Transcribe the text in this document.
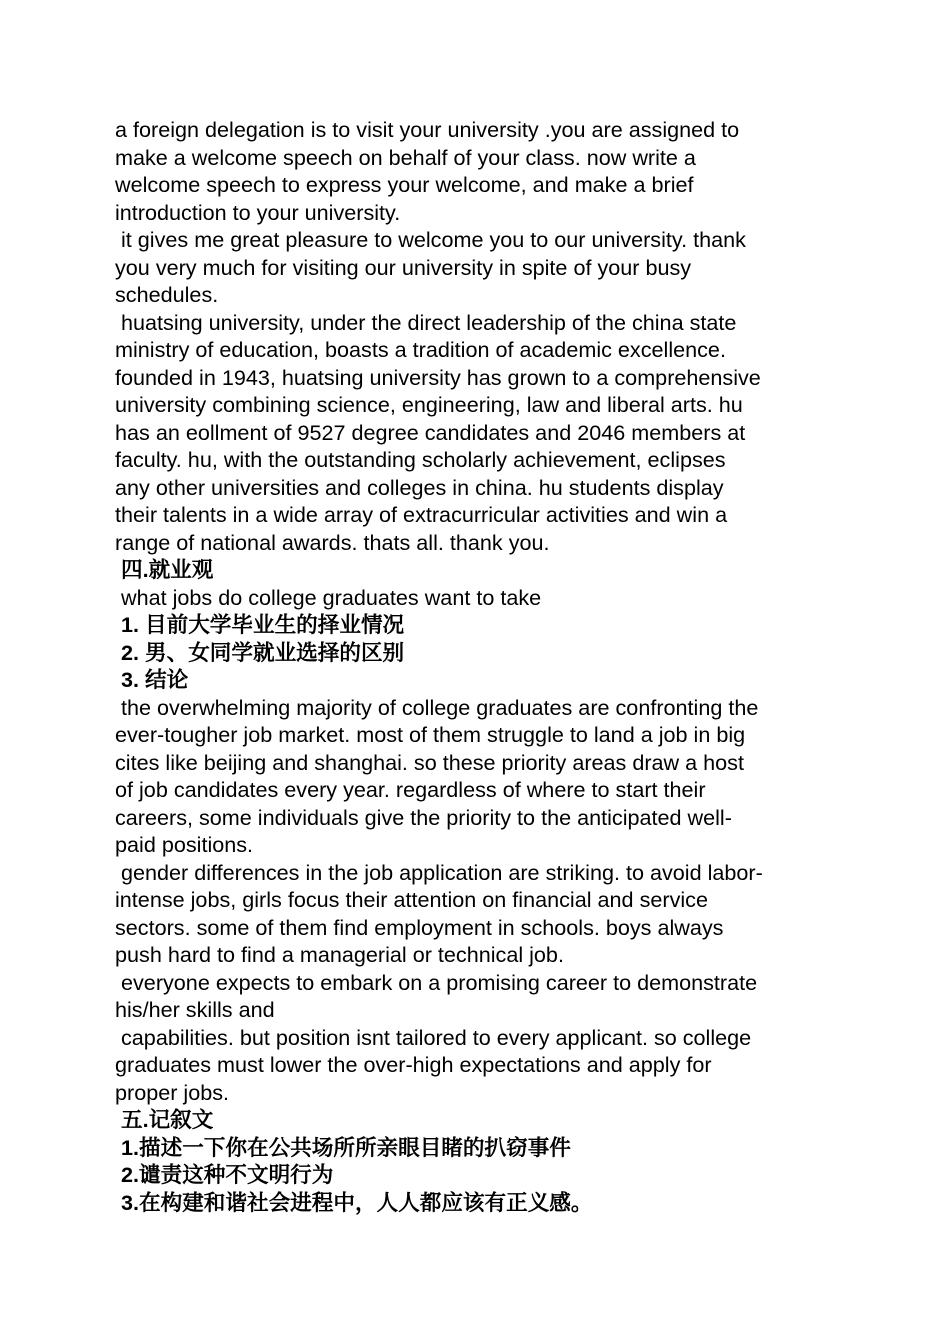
a foreign delegation is to visit your university .you are assigned to

make a welcome speech on behalf of your class. now write a

welcome speech to express your welcome, and make a brief

introduction to your university.

it gives me great pleasure to welcome you to our university. thank

you very much for visiting our university in spite of your busy

schedules.

huatsing university, under the direct leadership of the china state

ministry of education, boasts a tradition of academic excellence.

founded in 1943, huatsing university has grown to a comprehensive

university combining science, engineering, law and liberal arts. hu

has an eollment of 9527 degree candidates and 2046 members at

faculty. hu, with the outstanding scholarly achievement, eclipses

any other universities and colleges in china. hu students display

their talents in a wide array of extracurricular activities and win a

range of national awards. thats all. thank you.

四.就业观

what jobs do college graduates want to take

1. 目前大学毕业生的择业情况

2. 男、女同学就业选择的区别

3. 结论

the overwhelming majority of college graduates are confronting the

ever-tougher job market. most of them struggle to land a job in big

cites like beijing and shanghai. so these priority areas draw a host

of job candidates every year. regardless of where to start their

careers, some individuals give the priority to the anticipated well-

paid positions.

gender differences in the job application are striking. to avoid labor-

intense jobs, girls focus their attention on financial and service

sectors. some of them find employment in schools. boys always

push hard to find a managerial or technical job.

everyone expects to embark on a promising career to demonstrate

his/her skills and

capabilities. but position isnt tailored to every applicant. so college

graduates must lower the over-high expectations and apply for

proper jobs.

五.记叙文

1.描述一下你在公共场所所亲眼目睹的扒窃事件

2.谴责这种不文明行为

3.在构建和谐社会进程中，人人都应该有正义感。
